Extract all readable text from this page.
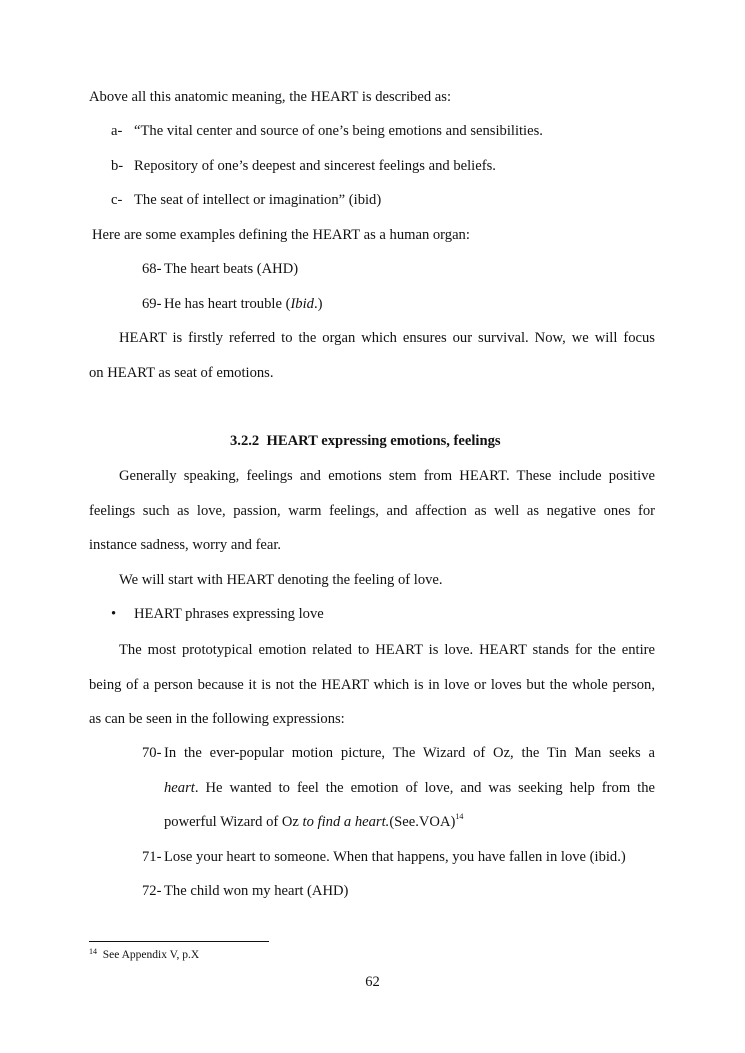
Above all this anatomic meaning, the HEART is described as:
a- “The vital center and source of one’s being emotions and sensibilities.
b- Repository of one’s deepest and sincerest feelings and beliefs.
c- The seat of intellect or imagination” (ibid)
Here are some examples defining the HEART as a human organ:
68- The heart beats (AHD)
69- He has heart trouble (Ibid.)
HEART is firstly referred to the organ which ensures our survival. Now, we will focus
on HEART as seat of emotions.
3.2.2 HEART expressing emotions, feelings
Generally speaking, feelings and emotions stem from HEART. These include positive
feelings such as love, passion, warm feelings, and affection as well as negative ones for
instance sadness, worry and fear.
We will start with HEART denoting the feeling of love.
• HEART phrases expressing love
The most prototypical emotion related to HEART is love. HEART stands for the entire
being of a person because it is not the HEART which is in love or loves but the whole person,
as can be seen in the following expressions:
70- In the ever-popular motion picture, The Wizard of Oz, the Tin Man seeks a
heart. He wanted to feel the emotion of love, and was seeking help from the
powerful Wizard of Oz to find a $heart.(See.VOA)^{14}$
71- Lose your heart to someone. When that happens, you have fallen in love (ibid.)
72- The child won my heart (AHD)
$^{14}$ See Appendix V, p.X
62
